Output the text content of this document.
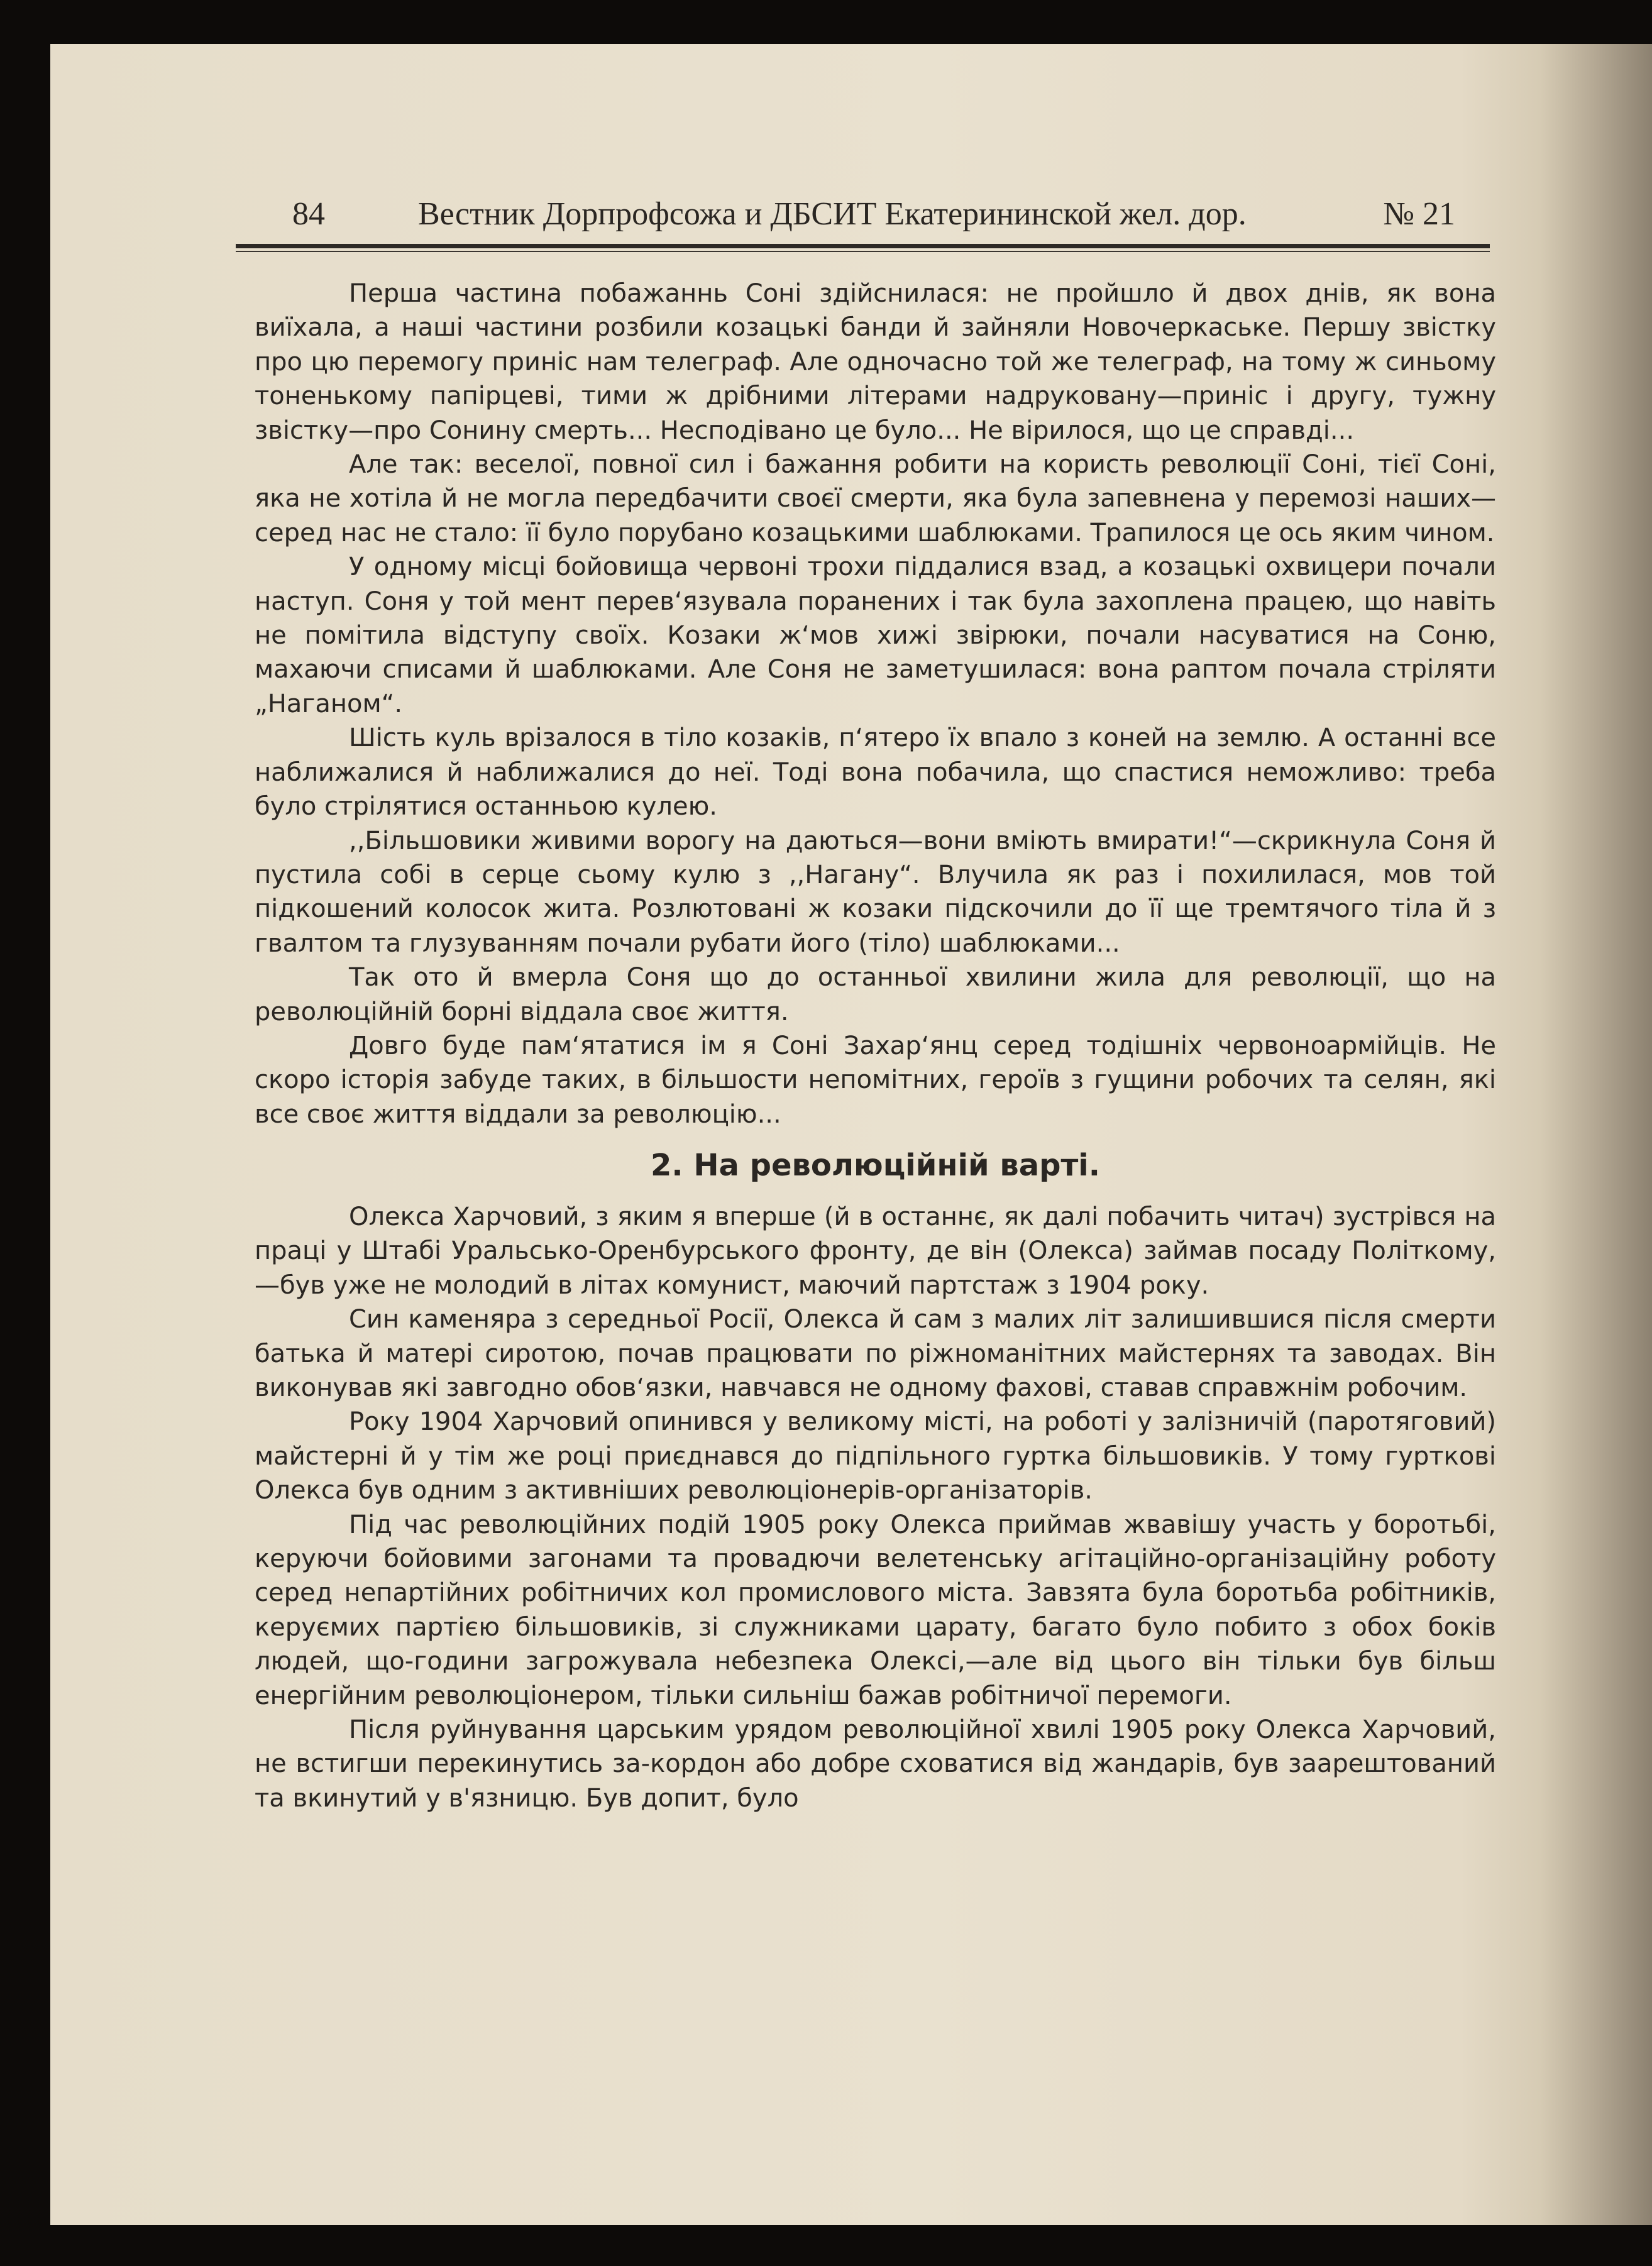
84	Вестник Дорпрофсожа и ДБСИТ Екатерининской жел. дор.	№ 21

Перша частина побажаннь Соні здійснилася: не пройшло й двох днів, як вона виїхала, а наші частини розбили козацькі банди й зайняли Новочеркаське. Першу звістку про цю перемогу приніс нам телеграф. Але одночасно той же телеграф, на тому ж синьому тоненькому папірцеві, тими ж дрібними літерами надруковану—приніс і другу, тужну звістку—про Сонину смерть... Несподівано це було... Не вірилося, що це справді...

Але так: веселої, повної сил і бажання робити на користь революції Соні, тієї Соні, яка не хотіла й не могла передбачити своєї смерти, яка була запевнена у перемозі наших—серед нас не стало: її було порубано козацькими шаблюками. Трапилося це ось яким чином.

У одному місці бойовища червоні трохи піддалися взад, а козацькі охвицери почали наступ. Соня у той мент перев‘язувала поранених і так була захоплена працею, що навіть не помітила відступу своїх. Козаки ж‘мов хижі звірюки, почали насуватися на Соню, махаючи списами й шаблюками. Але Соня не заметушилася: вона раптом почала стріляти „Наганом“.

Шість куль врізалося в тіло козаків, п‘ятеро їх впало з коней на землю. А останні все наближалися й наближалися до неї. Тоді вона побачила, що спастися неможливо: треба було стрілятися останньою кулею.

,,Більшовики живими ворогу на даються—вони вміють вмирати!“—скрикнула Соня й пустила собі в серце сьому кулю з ,,Нагану“. Влучила як раз і похилилася, мов той підкошений колосок жита. Розлютовані ж козаки підскочили до її ще тремтячого тіла й з гвалтом та глузуванням почали рубати його (тіло) шаблюками...

Так ото й вмерла Соня що до останньої хвилини жила для революції, що на революційній борні віддала своє життя.

Довго буде пам‘ятатися ім я Соні Захар‘янц серед тодішніх червоноармійців. Не скоро історія забуде таких, в більшости непомітних, героїв з гущини робочих та селян, які все своє життя віддали за революцію...

2. На революційній варті.

Олекса Харчовий, з яким я вперше (й в останнє, як далі побачить читач) зустрівся на праці у Штабі Уральсько-Оренбурського фронту, де він (Олекса) займав посаду Політкому,—був уже не молодий в літах комунист, маючий партстаж з 1904 року.

Син каменяра з середньої Росії, Олекса й сам з малих літ залишившися після смерти батька й матері сиротою, почав працювати по ріжноманітних майстернях та заводах. Він виконував які завгодно обов‘язки, навчався не одному фахові, ставав справжнім робочим.

Року 1904 Харчовий опинився у великому місті, на роботі у залізничій (паротяговий) майстерні й у тім же році приєднався до підпільного гуртка більшовиків. У тому гуртковi Олекса був одним з активніших революціонерів-організаторів.

Під час революційних подій 1905 року Олекса приймав жвавішу участь у боротьбі, керуючи бойовими загонами та провадючи велетенську агітаційно-організаційну роботу серед непартійних робітничих кол промислового міста. Завзята була боротьба робітників, керуємих партією більшовиків, зі служниками царату, багато було побито з обох боків людей, що-години загрожувала небезпека Олексі,—але від цього він тільки був більш енергійним революціонером, тільки сильніш бажав робітничої перемоги.

Після руйнування царським урядом революційної хвилі 1905 року Олекса Харчовий, не встигши перекинутись за-кордон або добре сховатися від жандарів, був заарештований та вкинутий у в'язницю. Був допит, було
